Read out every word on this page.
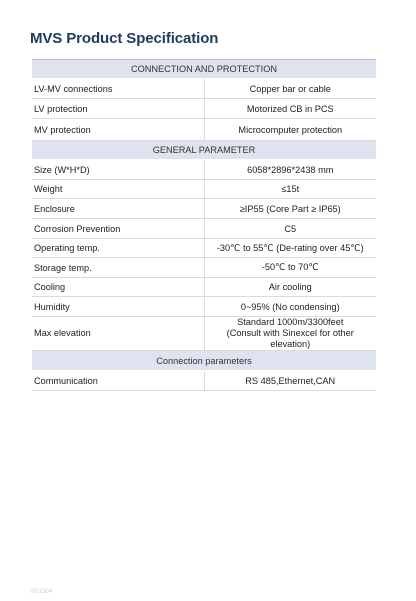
MVS Product Specification
CONNECTION AND PROTECTION	
LV-MV connections	Copper bar or cable
LV protection	Motorized CB in PCS
MV protection	Microcomputer protection
GENERAL PARAMETER	
Size (W*H*D)	6058*2896*2438 mm
Weight	≤15t
Enclosure	≥IP55 (Core Part ≥ IP65)
Corrosion Prevention	C5
Operating temp.	-30℃ to 55℃ (De-rating over 45℃)
Storage temp.	-50℃ to 70℃
Cooling	Air cooling
Humidity	0~95% (No condensing)
Max elevation	Standard 1000m/3300feet
(Consult with Sinexcel for other elevation)

Connection parameters	
Communication	RS 485,Ethernet,CAN
V0.2304
